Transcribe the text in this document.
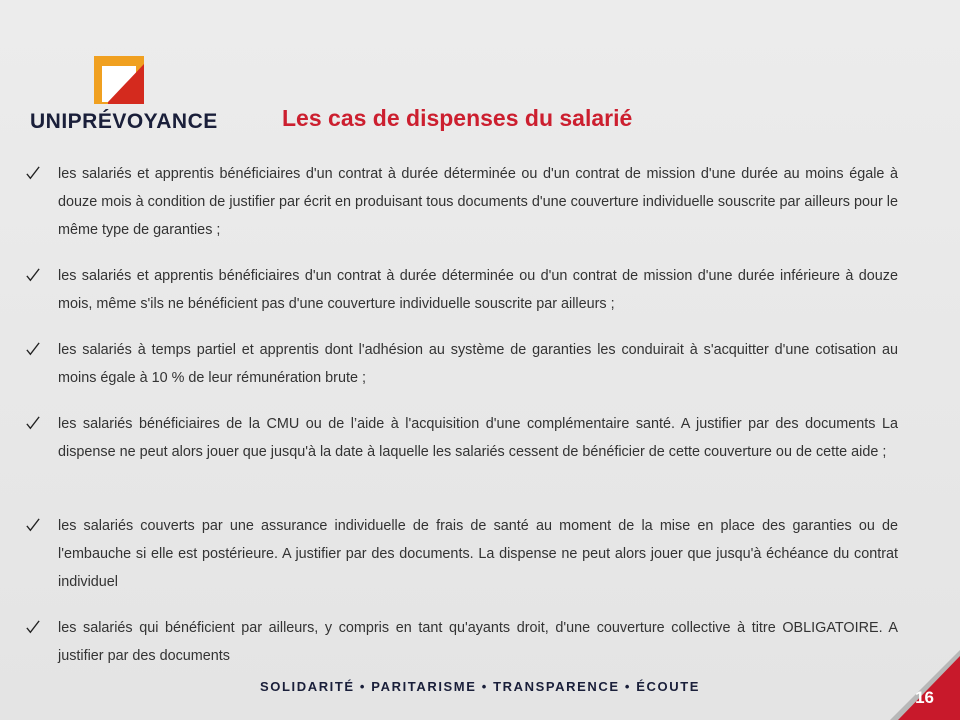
UNIPRÉVOYANCE	Les cas de dispenses du salarié
les salariés et apprentis bénéficiaires d'un contrat à durée déterminée ou d'un contrat de mission d'une durée au moins égale à douze mois à condition de justifier par écrit en produisant tous documents d'une couverture individuelle souscrite par ailleurs pour le même type de garanties ;
les salariés et apprentis bénéficiaires d'un contrat à durée déterminée ou d'un contrat de mission d'une durée inférieure à douze mois, même s'ils ne bénéficient pas d'une couverture individuelle souscrite par ailleurs ;
les salariés à temps partiel et apprentis dont l'adhésion au système de garanties les conduirait à s'acquitter d'une cotisation au moins égale à 10 % de leur rémunération brute ;
les salariés bénéficiaires de la CMU ou de l’aide à l'acquisition d'une complémentaire santé. A justifier par des documents La dispense ne peut alors jouer que jusqu'à la date à laquelle les salariés cessent de bénéficier de cette couverture ou de cette aide ;
les salariés couverts par une assurance individuelle de frais de santé au moment de la mise en place des garanties ou de l'embauche si elle est postérieure. A justifier par des documents. La dispense ne peut alors jouer que jusqu'à échéance du contrat individuel
les salariés qui bénéficient par ailleurs, y compris en tant qu'ayants droit, d'une couverture collective à titre OBLIGATOIRE. A justifier par des documents
SOLIDARITÉ • PARITARISME • TRANSPARENCE • ÉCOUTE
16
